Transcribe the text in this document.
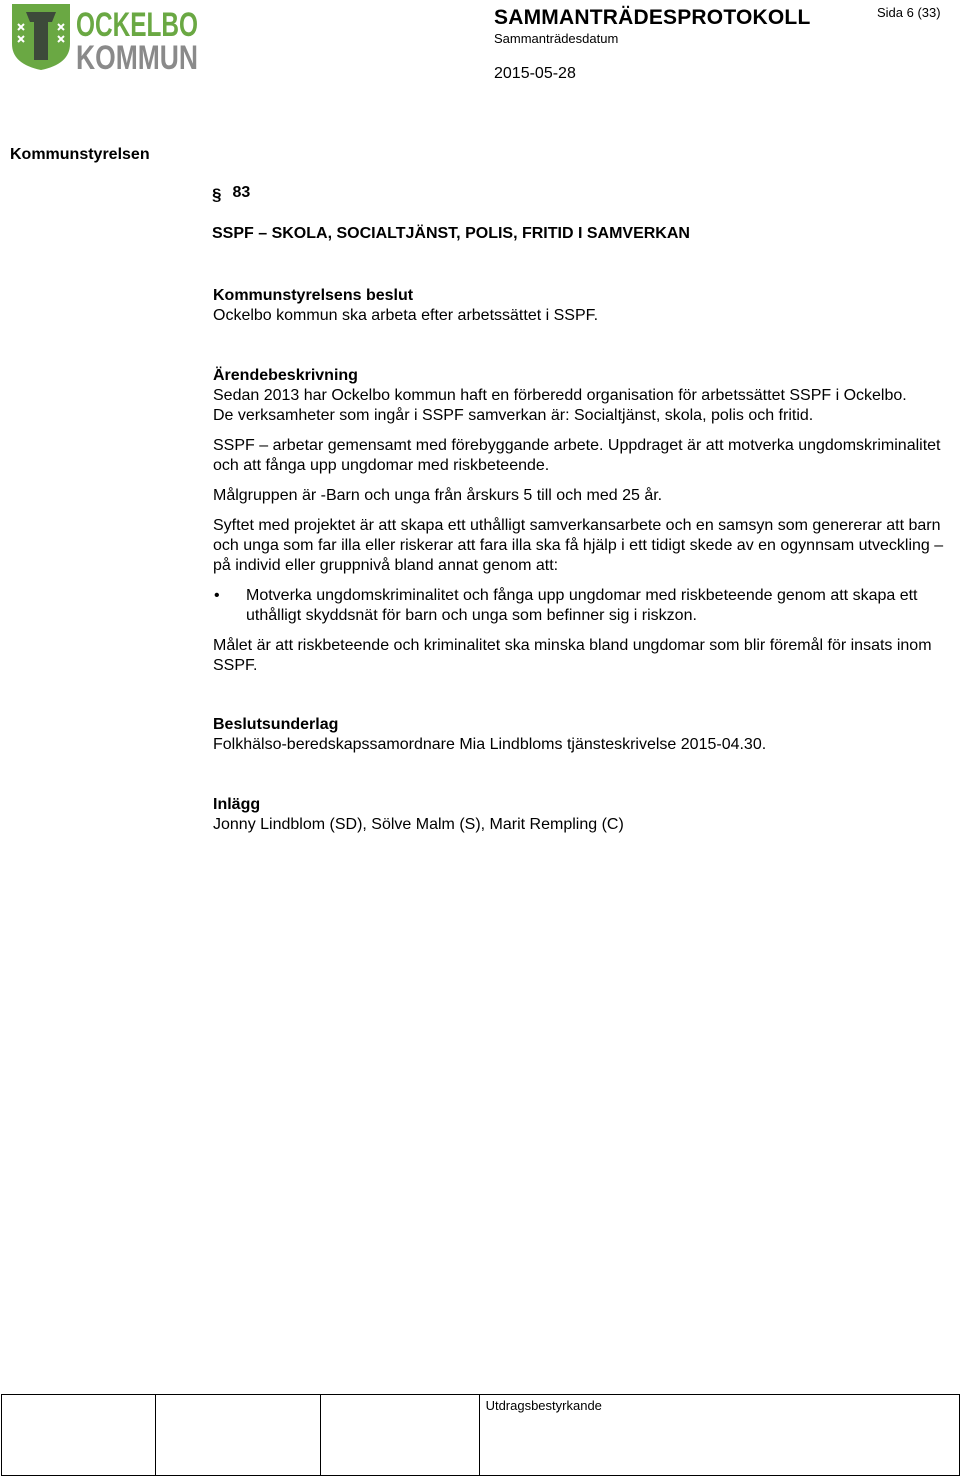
OCKELBO
KOMMUN
SAMMANTRÄDESPROTOKOLL
Sammanträdesdatum
2015-05-28
Sida 6 (33)
Kommunstyrelsen
§ 83
SSPF – SKOLA, SOCIALTJÄNST, POLIS, FRITID I SAMVERKAN

Kommunstyrelsens beslut

Ockelbo kommun ska arbeta efter arbetssättet i SSPF.

Ärendebeskrivning

Sedan 2013 har Ockelbo kommun haft en förberedd organisation för arbetssättet SSPF i Ockelbo.

De verksamheter som ingår i SSPF samverkan är: Socialtjänst, skola, polis och fritid.

SSPF – arbetar gemensamt med förebyggande arbete. Uppdraget är att motverka ungdomskriminalitet och att fånga upp ungdomar med riskbeteende.

Målgruppen är -Barn och unga från årskurs 5 till och med 25 år.

Syftet med projektet är att skapa ett uthålligt samverkansarbete och en samsyn som genererar att barn och unga som far illa eller riskerar att fara illa ska få hjälp i ett tidigt skede av en ogynnsam utveckling – på individ eller gruppnivå bland annat genom att:

• Motverka ungdomskriminalitet och fånga upp ungdomar med riskbeteende genom att skapa ett uthålligt skyddsnät för barn och unga som befinner sig i riskzon.

Målet är att riskbeteende och kriminalitet ska minska bland ungdomar som blir föremål för insats inom SSPF.

Beslutsunderlag

Folkhälso-beredskapssamordnare Mia Lindbloms tjänsteskrivelse 2015-04.30.

Inlägg

Jonny Lindblom (SD), Sölve Malm (S), Marit Rempling (C)

			Utdragsbestyrkande
